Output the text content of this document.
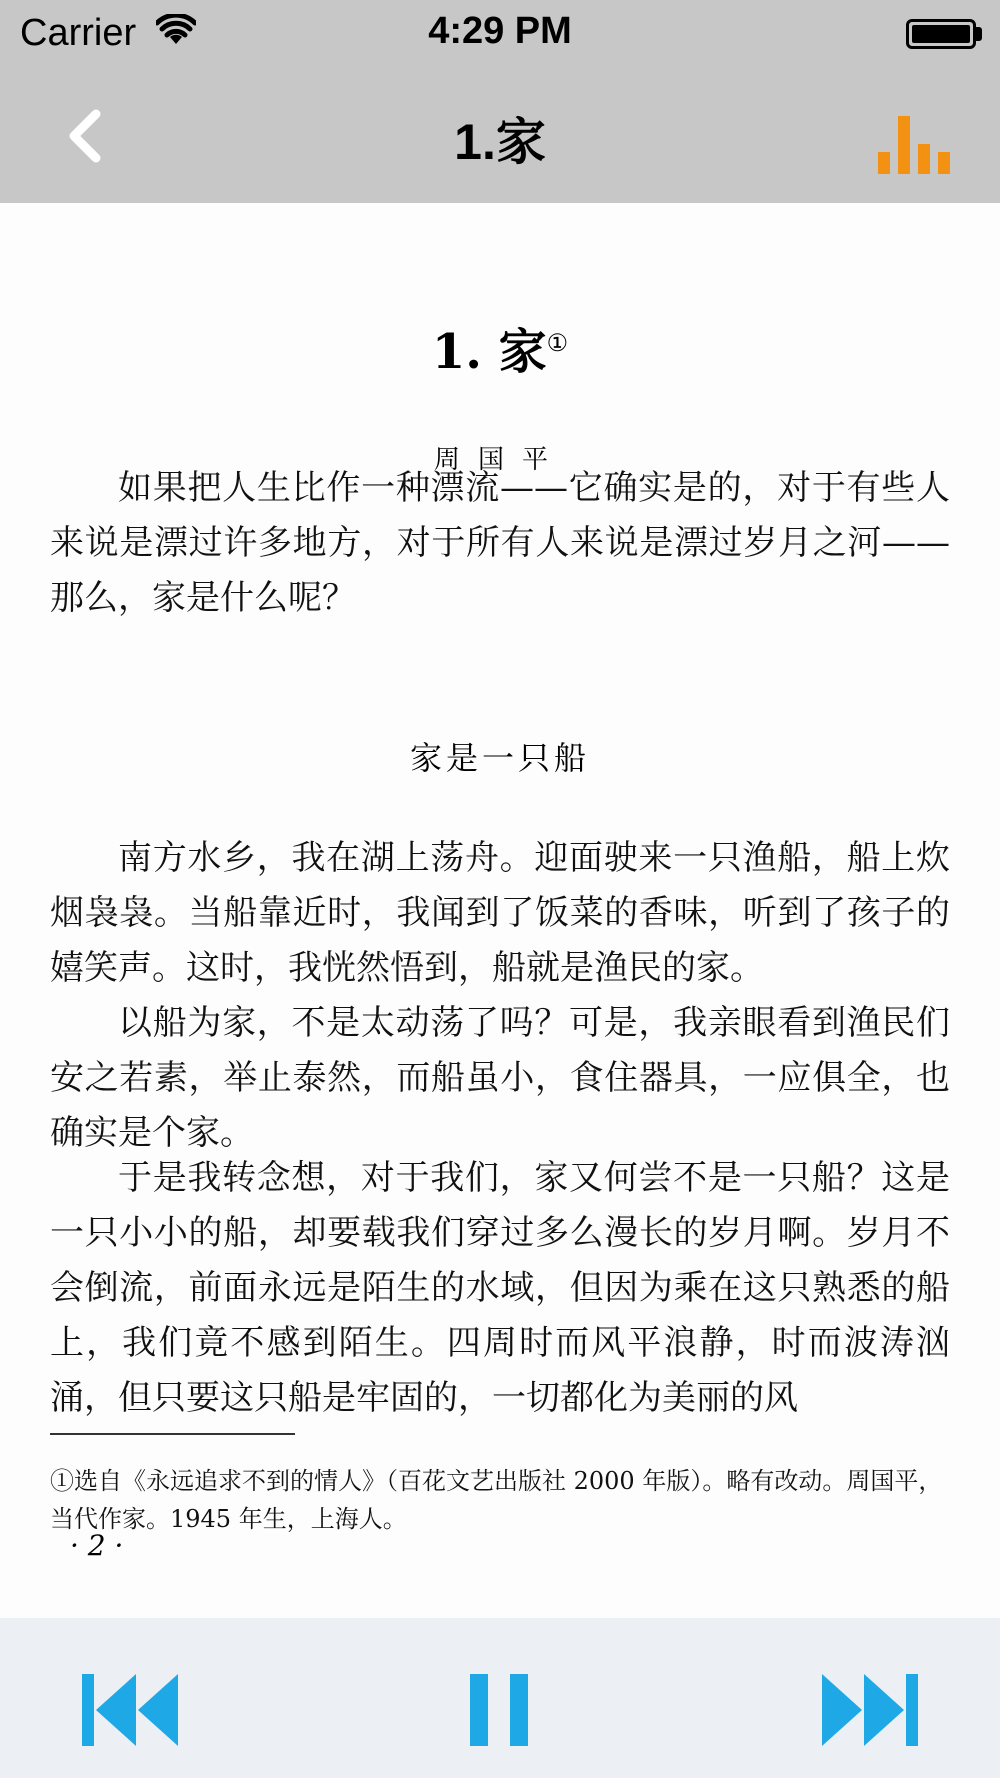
Carrier	4:29 PM
1.家
1. 家①
周国平

如果把人生比作一种漂流——它确实是的，对于有些人来说是漂过许多地方，对于所有人来说是漂过岁月之河——那么，家是什么呢？

家是一只船

南方水乡，我在湖上荡舟。迎面驶来一只渔船，船上炊烟袅袅。当船靠近时，我闻到了饭菜的香味，听到了孩子的嬉笑声。这时，我恍然悟到，船就是渔民的家。

以船为家，不是太动荡了吗？可是，我亲眼看到渔民们安之若素，举止泰然，而船虽小，食住器具，一应俱全，也确实是个家。

于是我转念想，对于我们，家又何尝不是一只船？这是一只小小的船，却要载我们穿过多么漫长的岁月啊。岁月不会倒流，前面永远是陌生的水域，但因为乘在这只熟悉的船上，我们竟不感到陌生。四周时而风平浪静，时而波涛汹涌，但只要这只船是牢固的，一切都化为美丽的风

①选自《永远追求不到的情人》（百花文艺出版社 2000 年版）。略有改动。周国平，当代作家。1945 年生，上海人。

· 2 ·
